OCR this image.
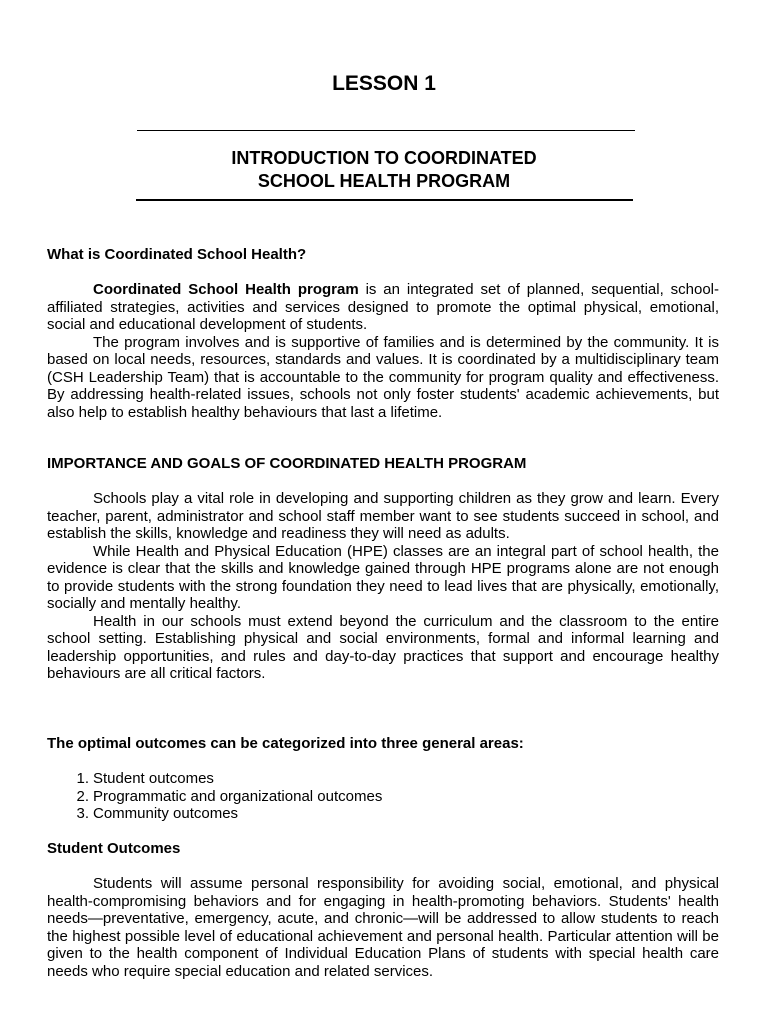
LESSON 1
INTRODUCTION TO COORDINATED
SCHOOL HEALTH PROGRAM
What is Coordinated School Health?

Coordinated School Health program is an integrated set of planned, sequential, school-affiliated strategies, activities and services designed to promote the optimal physical, emotional, social and educational development of students.

The program involves and is supportive of families and is determined by the community. It is based on local needs, resources, standards and values. It is coordinated by a multidisciplinary team (CSH Leadership Team) that is accountable to the community for program quality and effectiveness. By addressing health-related issues, schools not only foster students' academic achievements, but also help to establish healthy behaviours that last a lifetime.

IMPORTANCE AND GOALS OF COORDINATED HEALTH PROGRAM

Schools play a vital role in developing and supporting children as they grow and learn. Every teacher, parent, administrator and school staff member want to see students succeed in school, and establish the skills, knowledge and readiness they will need as adults.

While Health and Physical Education (HPE) classes are an integral part of school health, the evidence is clear that the skills and knowledge gained through HPE programs alone are not enough to provide students with the strong foundation they need to lead lives that are physically, emotionally, socially and mentally healthy.

Health in our schools must extend beyond the curriculum and the classroom to the entire school setting. Establishing physical and social environments, formal and informal learning and leadership opportunities, and rules and day-to-day practices that support and encourage healthy behaviours are all critical factors.

The optimal outcomes can be categorized into three general areas:
1. Student outcomes
2. Programmatic and organizational outcomes
3. Community outcomes
Student Outcomes

Students will assume personal responsibility for avoiding social, emotional, and physical health-compromising behaviors and for engaging in health-promoting behaviors. Students' health needs—preventative, emergency, acute, and chronic—will be addressed to allow students to reach the highest possible level of educational achievement and personal health. Particular attention will be given to the health component of Individual Education Plans of students with special health care needs who require special education and related services.
